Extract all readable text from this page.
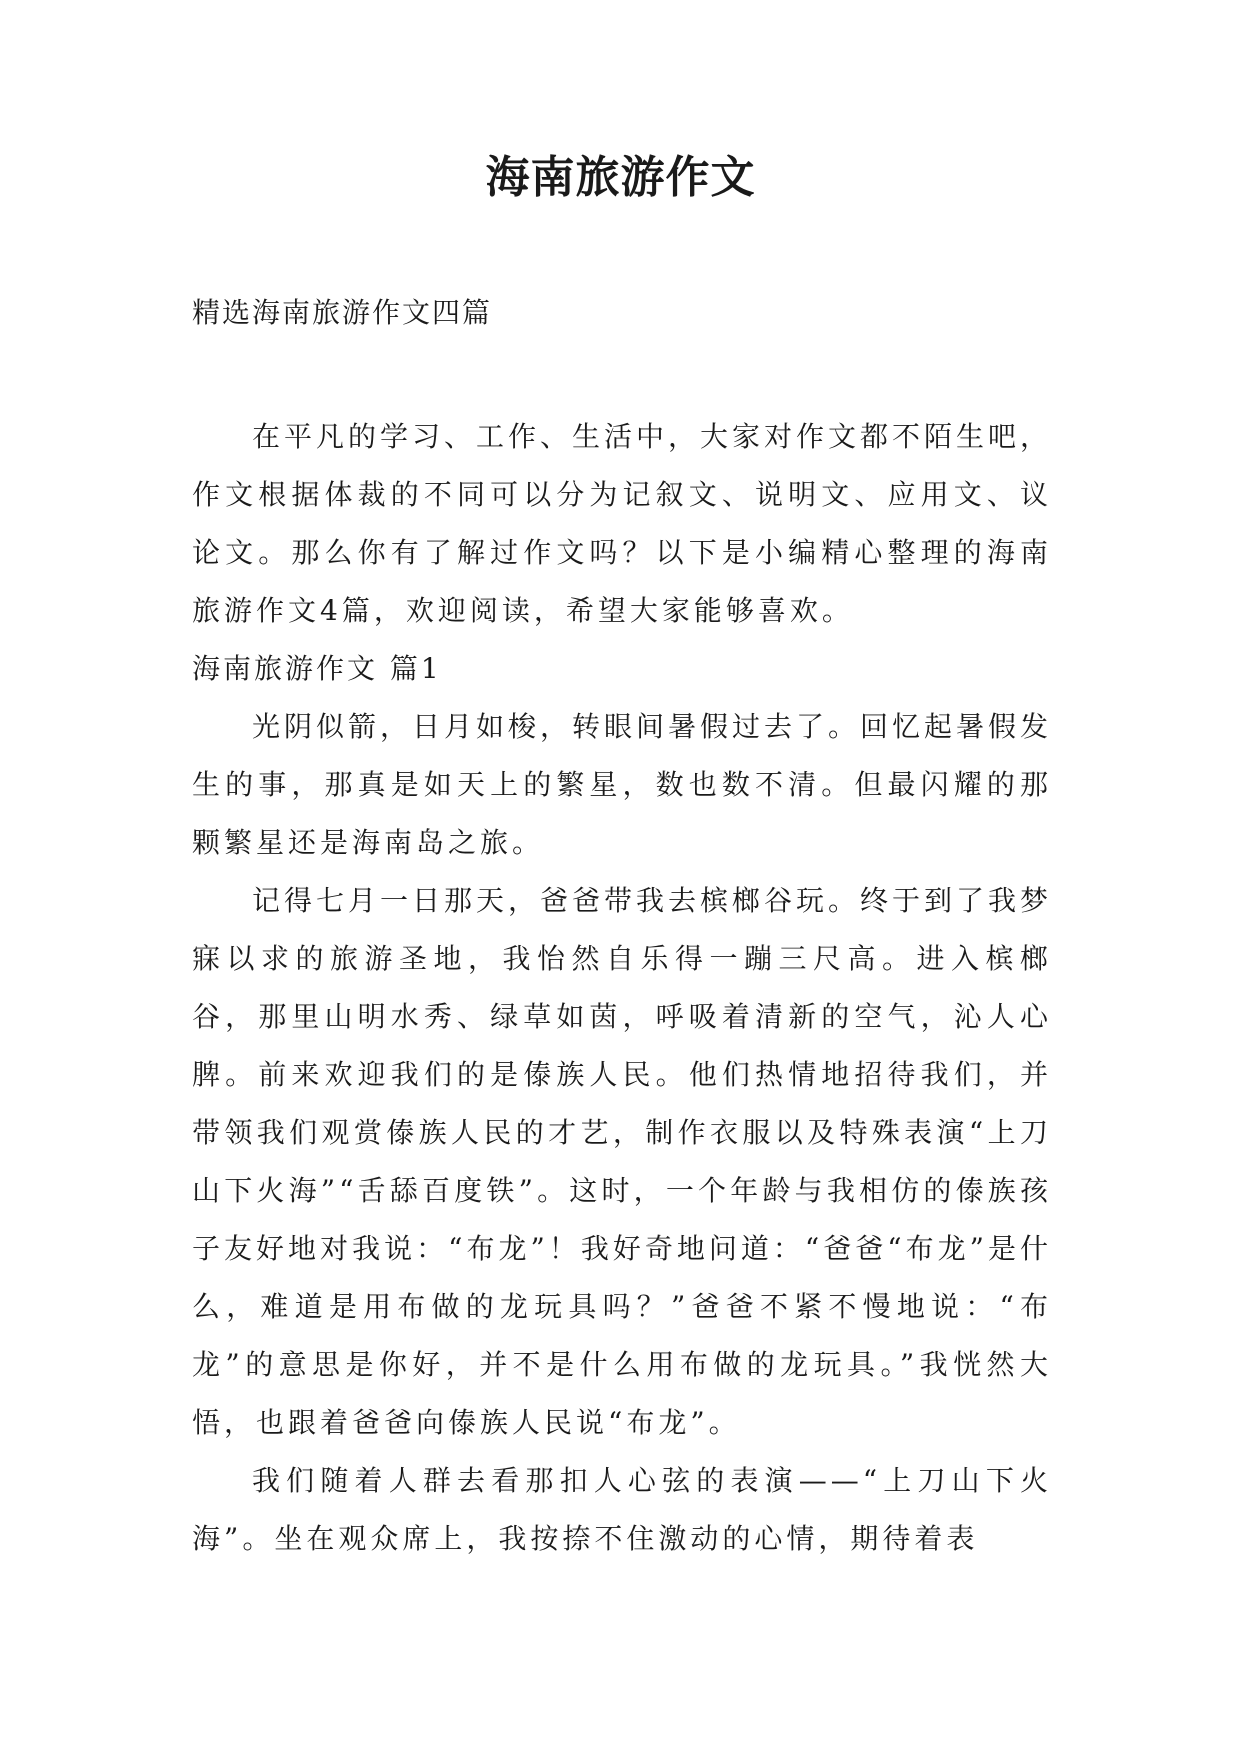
海南旅游作文

精选海南旅游作文四篇

在平凡的学习、工作、生活中，大家对作文都不陌生吧，作文根据体裁的不同可以分为记叙文、说明文、应用文、议论文。那么你有了解过作文吗？以下是小编精心整理的海南旅游作文4篇，欢迎阅读，希望大家能够喜欢。

海南旅游作文 篇1

光阴似箭，日月如梭，转眼间暑假过去了。回忆起暑假发生的事，那真是如天上的繁星，数也数不清。但最闪耀的那颗繁星还是海南岛之旅。

记得七月一日那天，爸爸带我去槟榔谷玩。终于到了我梦寐以求的旅游圣地，我怡然自乐得一蹦三尺高。进入槟榔谷，那里山明水秀、绿草如茵，呼吸着清新的空气，沁人心脾。前来欢迎我们的是傣族人民。他们热情地招待我们，并带领我们观赏傣族人民的才艺，制作衣服以及特殊表演“上刀山下火海”“舌舔百度铁”。这时，一个年龄与我相仿的傣族孩子友好地对我说：“布龙”！我好奇地问道：“爸爸“布龙”是什么，难道是用布做的龙玩具吗？”爸爸不紧不慢地说：“布龙”的意思是你好，并不是什么用布做的龙玩具。”我恍然大悟，也跟着爸爸向傣族人民说“布龙”。

我们随着人群去看那扣人心弦的表演——“上刀山下火海”。坐在观众席上，我按捺不住激动的心情，期待着表
